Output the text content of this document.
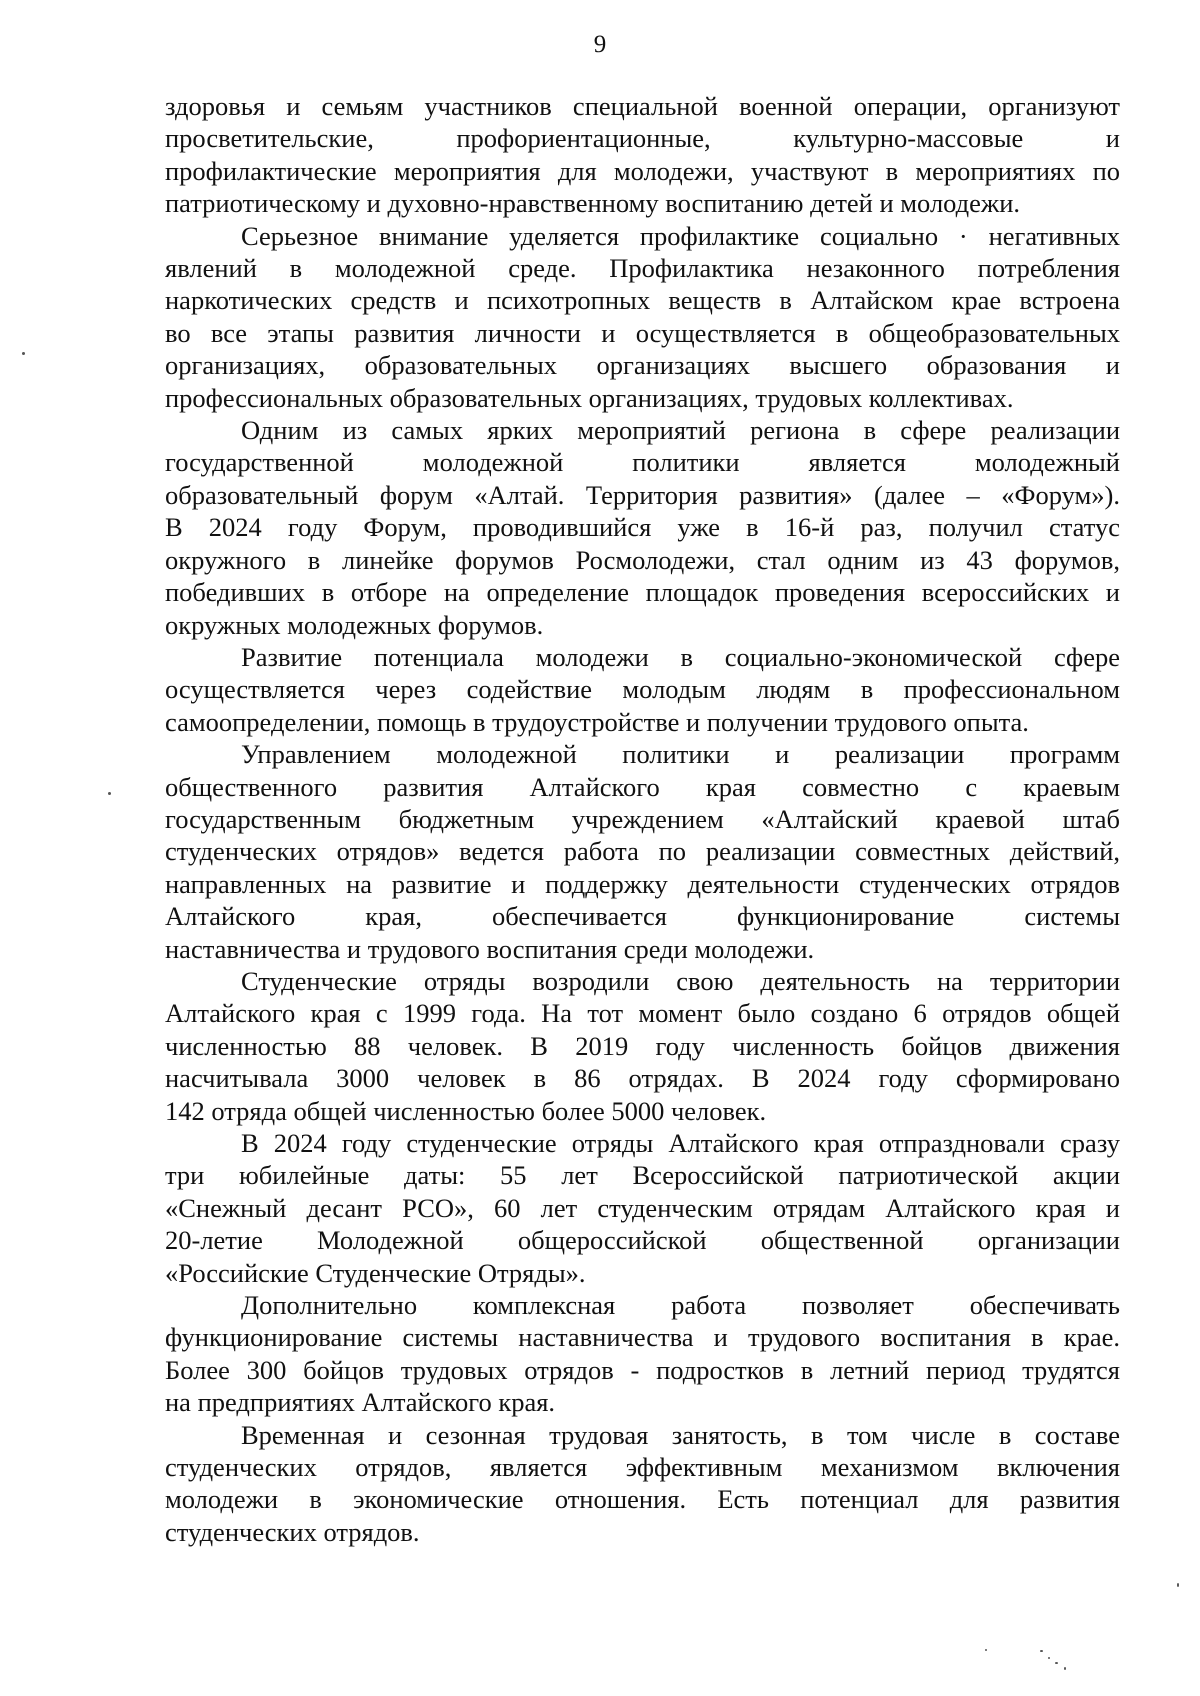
9
здоровья и семьям участников специальной военной операции, организуют
просветительские, профориентационные, культурно-массовые и
профилактические мероприятия для молодежи, участвуют в мероприятиях по
патриотическому и духовно-нравственному воспитанию детей и молодежи.
Серьезное внимание уделяется профилактике социально · негативных
явлений в молодежной среде. Профилактика незаконного потребления
наркотических средств и психотропных веществ в Алтайском крае встроена
во все этапы развития личности и осуществляется в общеобразовательных
организациях, образовательных организациях высшего образования и
профессиональных образовательных организациях, трудовых коллективах.
Одним из самых ярких мероприятий региона в сфере реализации
государственной молодежной политики является молодежный
образовательный форум «Алтай. Территория развития» (далее – «Форум»).
В 2024 году Форум, проводившийся уже в 16-й раз, получил статус
окружного в линейке форумов Росмолодежи, стал одним из 43 форумов,
победивших в отборе на определение площадок проведения всероссийских и
окружных молодежных форумов.
Развитие потенциала молодежи в социально-экономической сфере
осуществляется через содействие молодым людям в профессиональном
самоопределении, помощь в трудоустройстве и получении трудового опыта.
Управлением молодежной политики и реализации программ
общественного развития Алтайского края совместно с краевым
государственным бюджетным учреждением «Алтайский краевой штаб
студенческих отрядов» ведется работа по реализации совместных действий,
направленных на развитие и поддержку деятельности студенческих отрядов
Алтайского края, обеспечивается функционирование системы
наставничества и трудового воспитания среди молодежи.
Студенческие отряды возродили свою деятельность на территории
Алтайского края с 1999 года. На тот момент было создано 6 отрядов общей
численностью 88 человек. В 2019 году численность бойцов движения
насчитывала 3000 человек в 86 отрядах. В 2024 году сформировано
142 отряда общей численностью более 5000 человек.
В 2024 году студенческие отряды Алтайского края отпраздновали сразу
три юбилейные даты: 55 лет Всероссийской патриотической акции
«Снежный десант РСО», 60 лет студенческим отрядам Алтайского края и
20-летие Молодежной общероссийской общественной организации
«Российские Студенческие Отряды».
Дополнительно комплексная работа позволяет обеспечивать
функционирование системы наставничества и трудового воспитания в крае.
Более 300 бойцов трудовых отрядов - подростков в летний период трудятся
на предприятиях Алтайского края.
Временная и сезонная трудовая занятость, в том числе в составе
студенческих отрядов, является эффективным механизмом включения
молодежи в экономические отношения. Есть потенциал для развития
студенческих отрядов.
